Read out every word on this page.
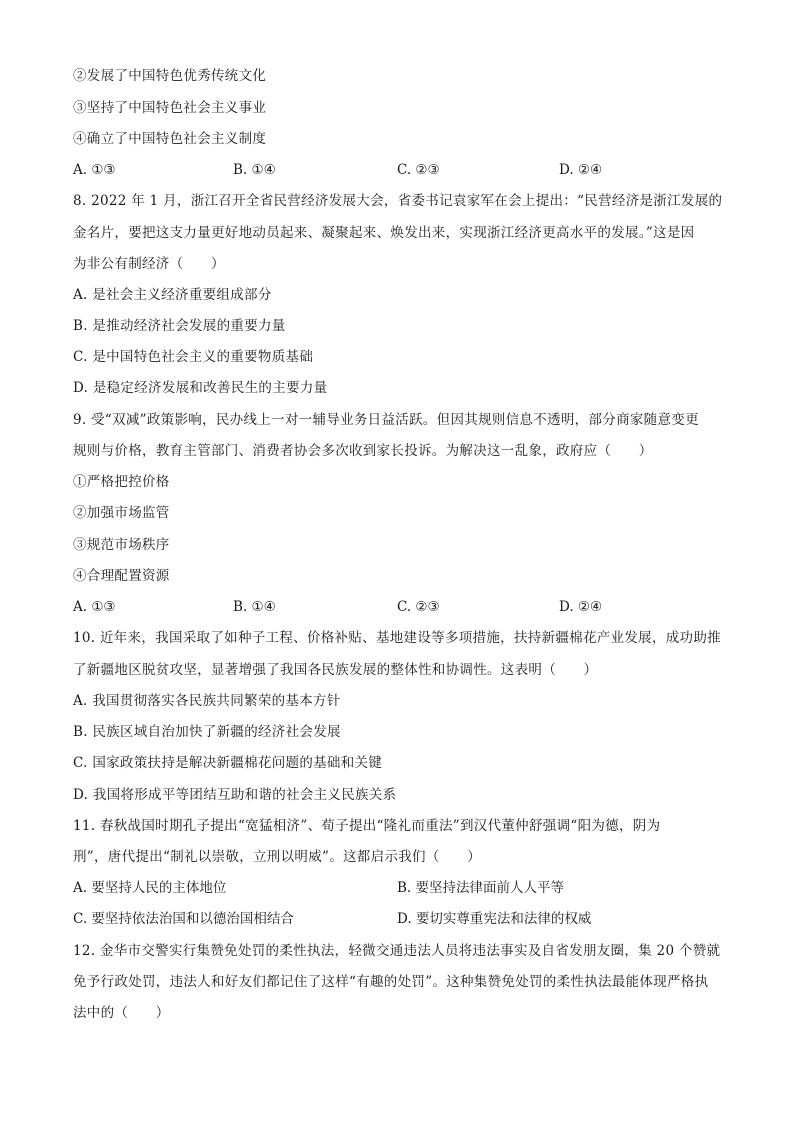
②发展了中国特色优秀传统文化
③坚持了中国特色社会主义事业
④确立了中国特色社会主义制度
A. ①③	B. ①④	C. ②③	D. ②④
8. 2022 年 1 月，浙江召开全省民营经济发展大会，省委书记袁家军在会上提出：“民营经济是浙江发展的
金名片，要把这支力量更好地动员起来、凝聚起来、焕发出来，实现浙江经济更高水平的发展。”这是因
为非公有制经济（　　）
A. 是社会主义经济重要组成部分
B. 是推动经济社会发展的重要力量
C. 是中国特色社会主义的重要物质基础
D. 是稳定经济发展和改善民生的主要力量
9. 受“双减”政策影响，民办线上一对一辅导业务日益活跃。但因其规则信息不透明，部分商家随意变更
规则与价格，教育主管部门、消费者协会多次收到家长投诉。为解决这一乱象，政府应（　　）
①严格把控价格
②加强市场监管
③规范市场秩序
④合理配置资源
A. ①③	B. ①④	C. ②③	D. ②④
10. 近年来，我国采取了如种子工程、价格补贴、基地建设等多项措施，扶持新疆棉花产业发展，成功助推
了新疆地区脱贫攻坚，显著增强了我国各民族发展的整体性和协调性。这表明（　　）
A. 我国贯彻落实各民族共同繁荣的基本方针
B. 民族区域自治加快了新疆的经济社会发展
C. 国家政策扶持是解决新疆棉花问题的基础和关键
D. 我国将形成平等团结互助和谐的社会主义民族关系
11. 春秋战国时期孔子提出“宽猛相济”、荀子提出“隆礼而重法”到汉代董仲舒强调“阳为德，阴为
刑”，唐代提出“制礼以崇敬，立刑以明威”。这都启示我们（　　）
A. 要坚持人民的主体地位	B. 要坚持法律面前人人平等
C. 要坚持依法治国和以德治国相结合	D. 要切实尊重宪法和法律的权威
12. 金华市交警实行集赞免处罚的柔性执法，轻微交通违法人员将违法事实及自省发朋友圈，集 20 个赞就
免予行政处罚，违法人和好友们都记住了这样“有趣的处罚”。这种集赞免处罚的柔性执法最能体现严格执
法中的（　　）
